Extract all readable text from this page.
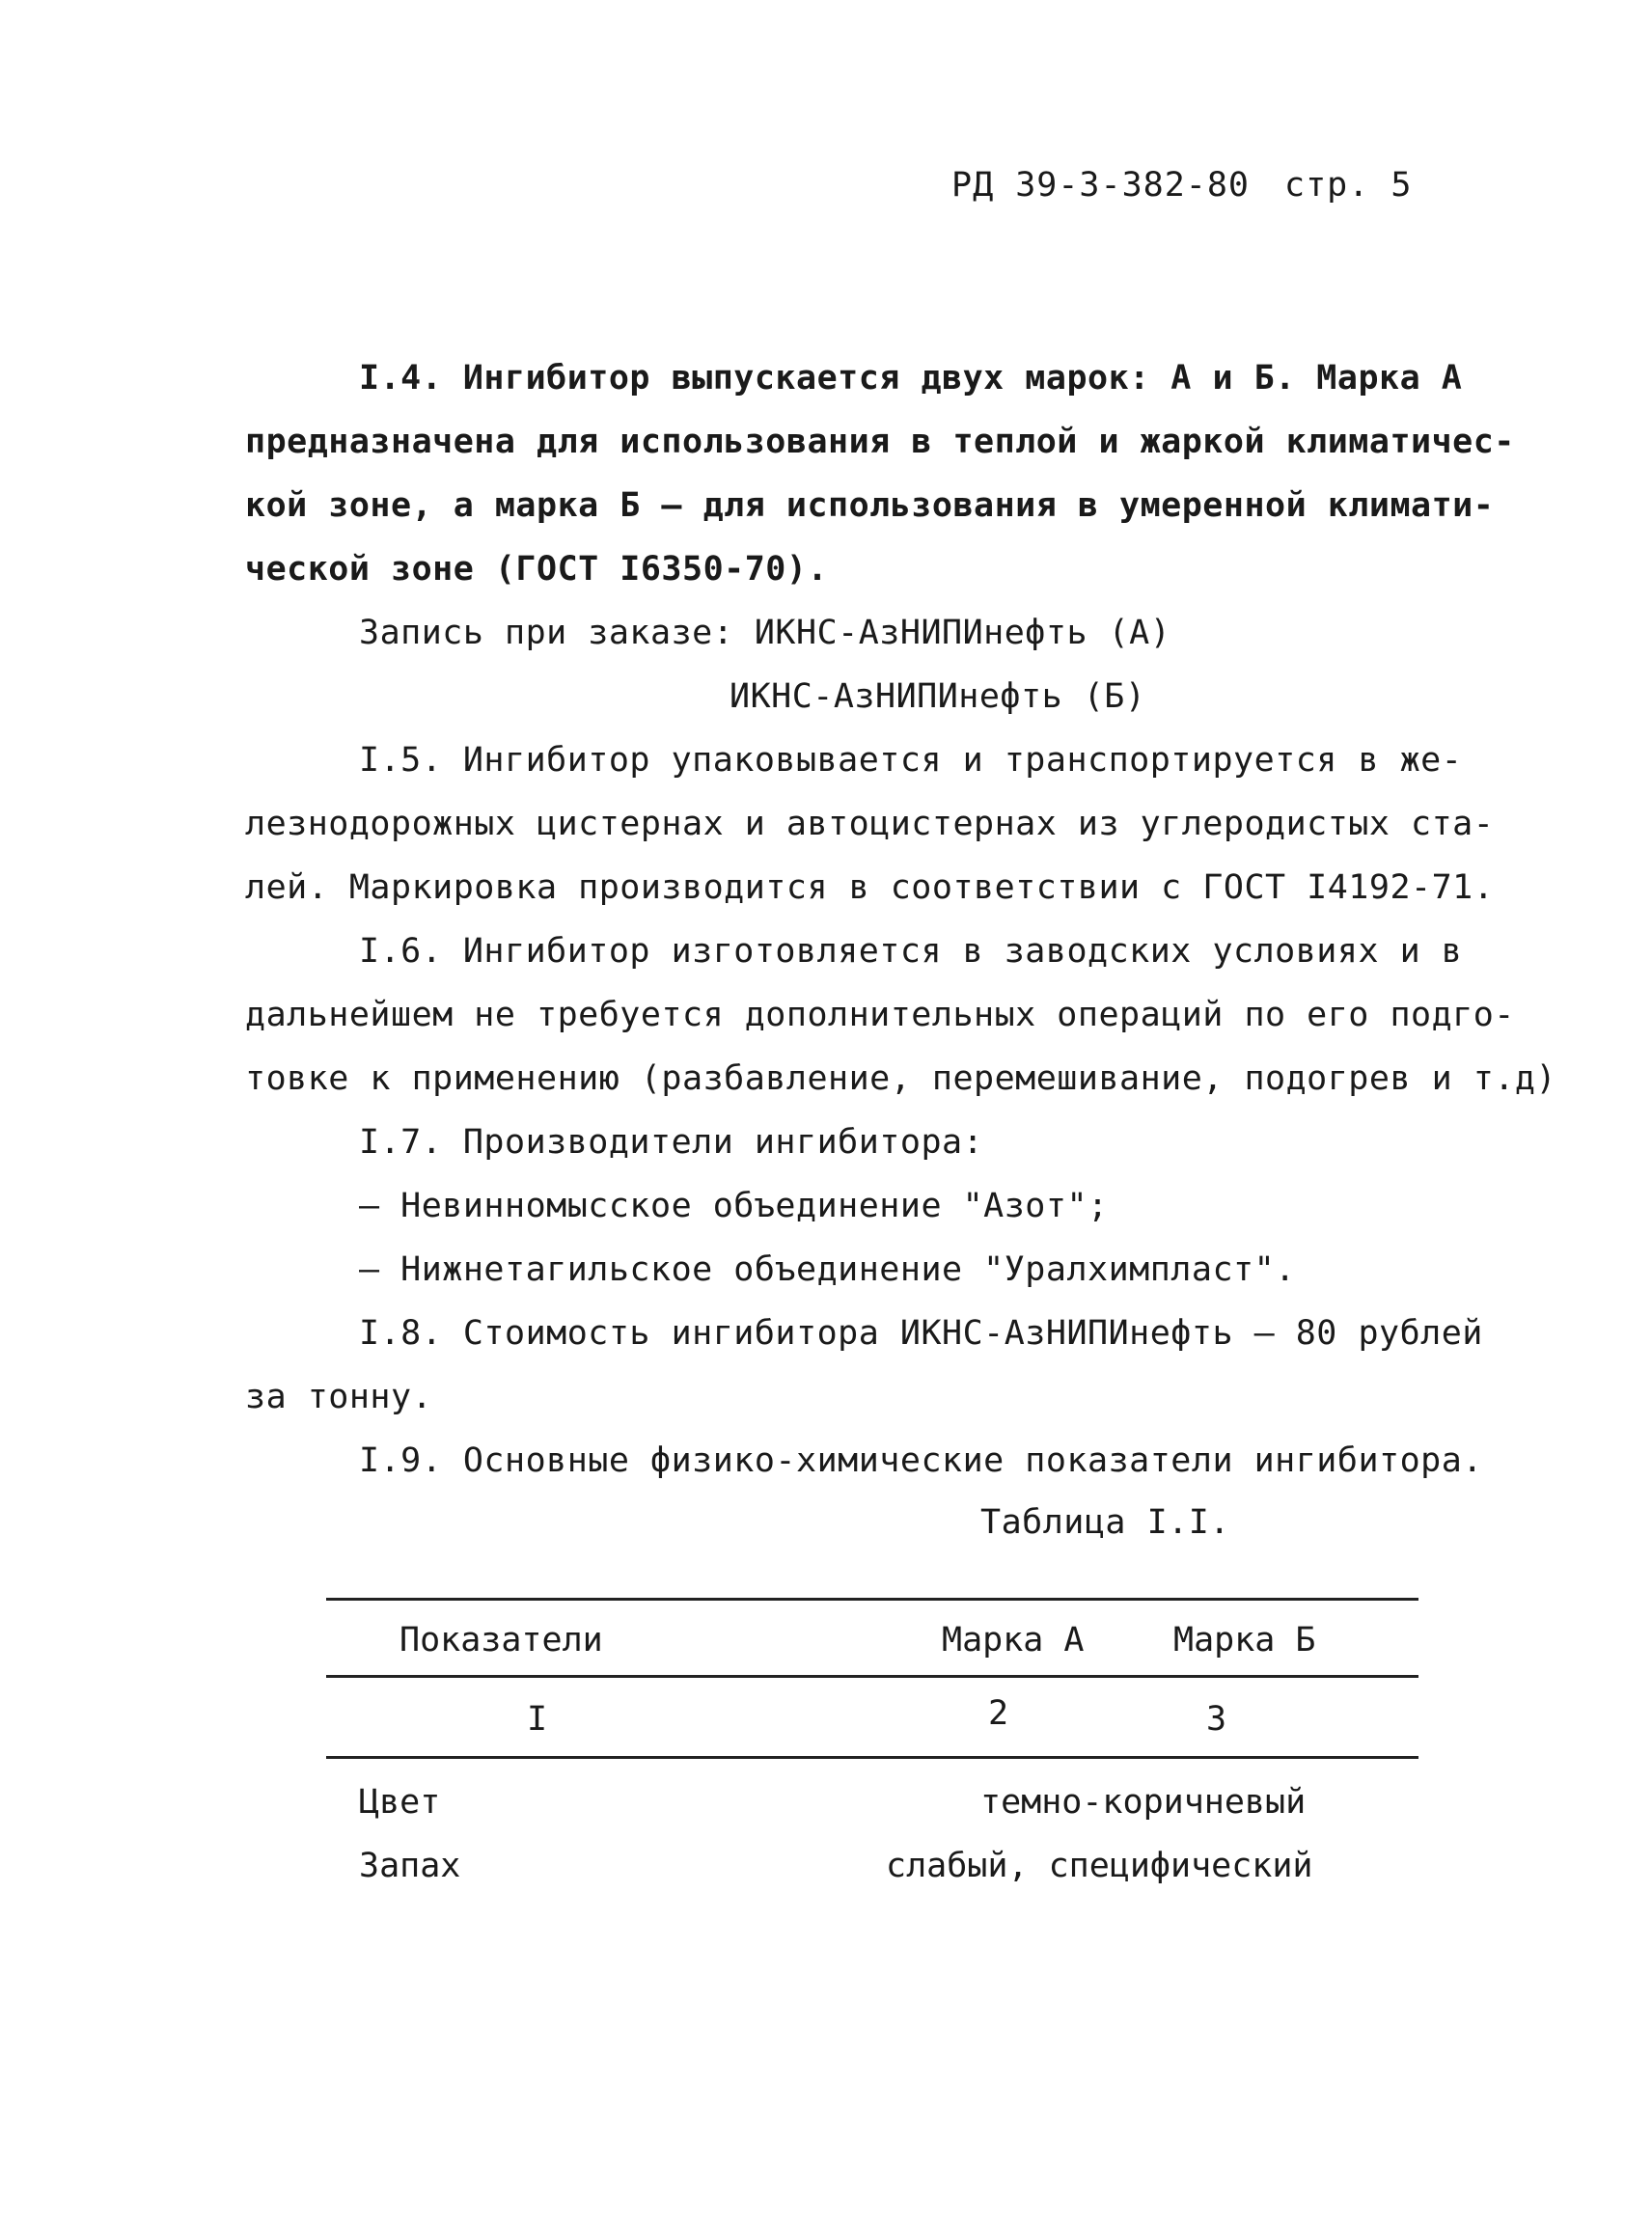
РД 39-3-382-80 стр. 5
I.4. Ингибитор выпускается двух марок: А и Б. Марка А
предназначена для использования в теплой и жаркой климатичес-
кой зоне, а марка Б – для использования в умеренной климати-
ческой зоне (ГОСТ I6350-70).
Запись при заказе: ИКНС-АзНИПИнефть (А)
ИКНС-АзНИПИнефть (Б)
I.5. Ингибитор упаковывается и транспортируется в же-
лезнодорожных цистернах и автоцистернах из углеродистых ста-
лей. Маркировка производится в соответствии с ГОСТ I4192-71.
I.6. Ингибитор изготовляется в заводских условиях и в
дальнейшем не требуется дополнительных операций по его подго-
товке к применению (разбавление, перемешивание, подогрев и т.д)
I.7. Производители ингибитора:
– Невинномысское объединение "Азот";
– Нижнетагильское объединение "Уралхимпласт".
I.8. Стоимость ингибитора ИКНС-АзНИПИнефть – 80 рублей
за тонну.
I.9. Основные физико-химические показатели ингибитора.
Таблица I.I.
Показатели	Марка А	Марка Б
I	2	3
Цвет	темно-коричневый
Запах	слабый, специфический
